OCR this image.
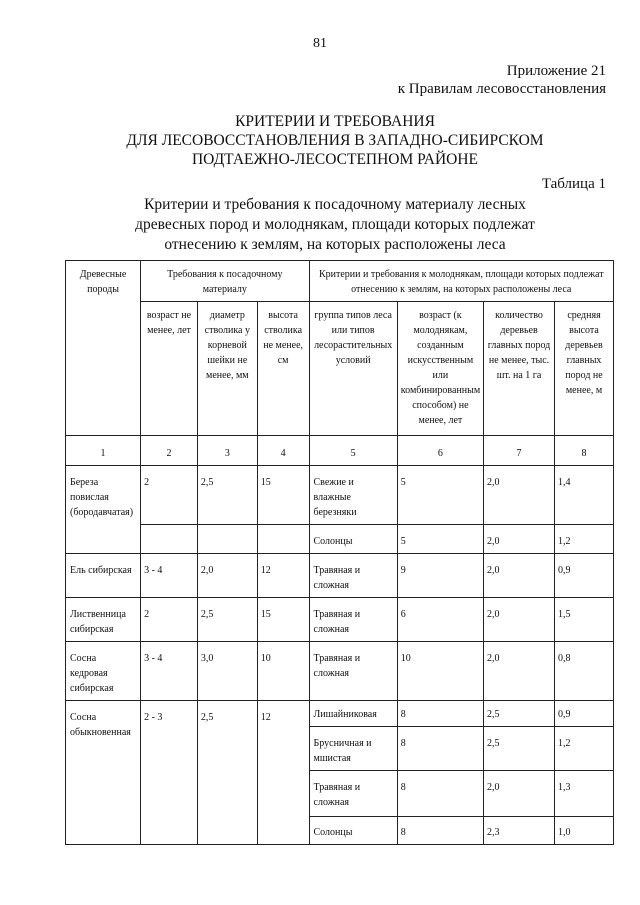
81
Приложение 21
к Правилам лесовосстановления
КРИТЕРИИ И ТРЕБОВАНИЯ
ДЛЯ ЛЕСОВОССТАНОВЛЕНИЯ В ЗАПАДНО-СИБИРСКОМ
ПОДТАЕЖНО-ЛЕСОСТЕПНОМ РАЙОНЕ
Таблица 1
Критерии и требования к посадочному материалу лесных
древесных пород и молоднякам, площади которых подлежат
отнесению к землям, на которых расположены леса
Древесные породы	Требования к посадочному материалу			Критерии и требования к молоднякам, площади которых подлежат отнесению к землям, на которых расположены леса			
	возраст не менее, лет	диаметр стволика у корневой шейки не менее, мм	высота стволика не менее, см	группа типов леса или типов лесорастительных условий	возраст (к молоднякам, созданным искусственным или комбинированным способом) не менее, лет	количество деревьев главных пород не менее, тыс. шт. на 1 га	средняя высота деревьев главных пород не менее, м
1	2	3	4	5	6	7	8
Береза повислая (бородавчатая)	2	2,5	15	Свежие и влажные березняки	5	2,0	1,4
				Солонцы	5	2,0	1,2
Ель сибирская	3 - 4	2,0	12	Травяная и сложная	9	2,0	0,9
Лиственница сибирская	2	2,5	15	Травяная и сложная	6	2,0	1,5
Сосна кедровая сибирская	3 - 4	3,0	10	Травяная и сложная	10	2,0	0,8
Сосна обыкновенная	2 - 3	2,5	12	Лишайниковая	8	2,5	0,9
				Брусничная и мшистая	8	2,5	1,2
				Травяная и сложная	8	2,0	1,3
				Солонцы	8	2,3	1,0
